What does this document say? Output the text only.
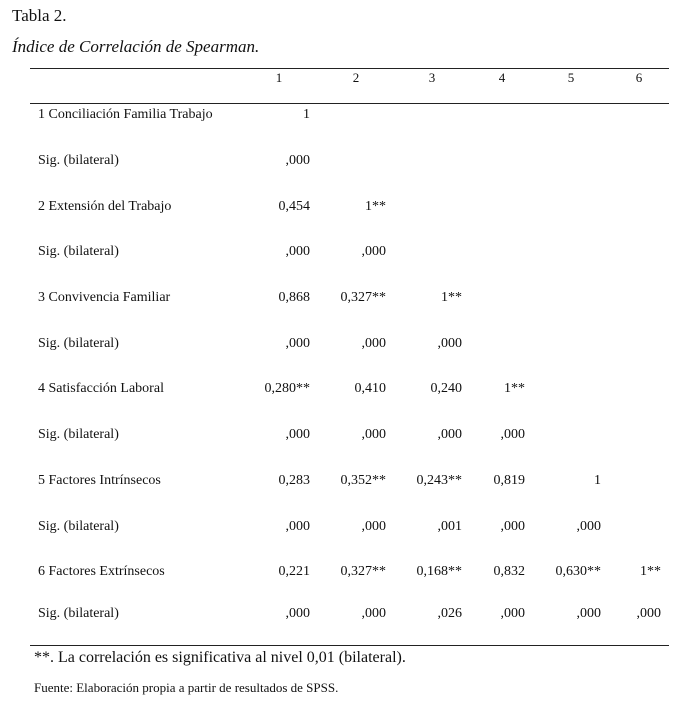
Tabla 2.
Índice de Correlación de Spearman.
1	2	3	4	5	6
1 Conciliación Familia Trabajo	1
Sig. (bilateral)	,000
2 Extensión del Trabajo	0,454	1**
Sig. (bilateral)	,000	,000
3 Convivencia Familiar	0,868	0,327**	1**
Sig. (bilateral)	,000	,000	,000
4 Satisfacción Laboral	0,280**	0,410	0,240	1**
Sig. (bilateral)	,000	,000	,000	,000
5 Factores Intrínsecos	0,283	0,352**	0,243**	0,819	1
Sig. (bilateral)	,000	,000	,001	,000	,000
6 Factores Extrínsecos	0,221	0,327**	0,168**	0,832	0,630**	1**
Sig. (bilateral)	,000	,000	,026	,000	,000	,000
**. La correlación es significativa al nivel 0,01 (bilateral).
Fuente: Elaboración propia a partir de resultados de SPSS.
